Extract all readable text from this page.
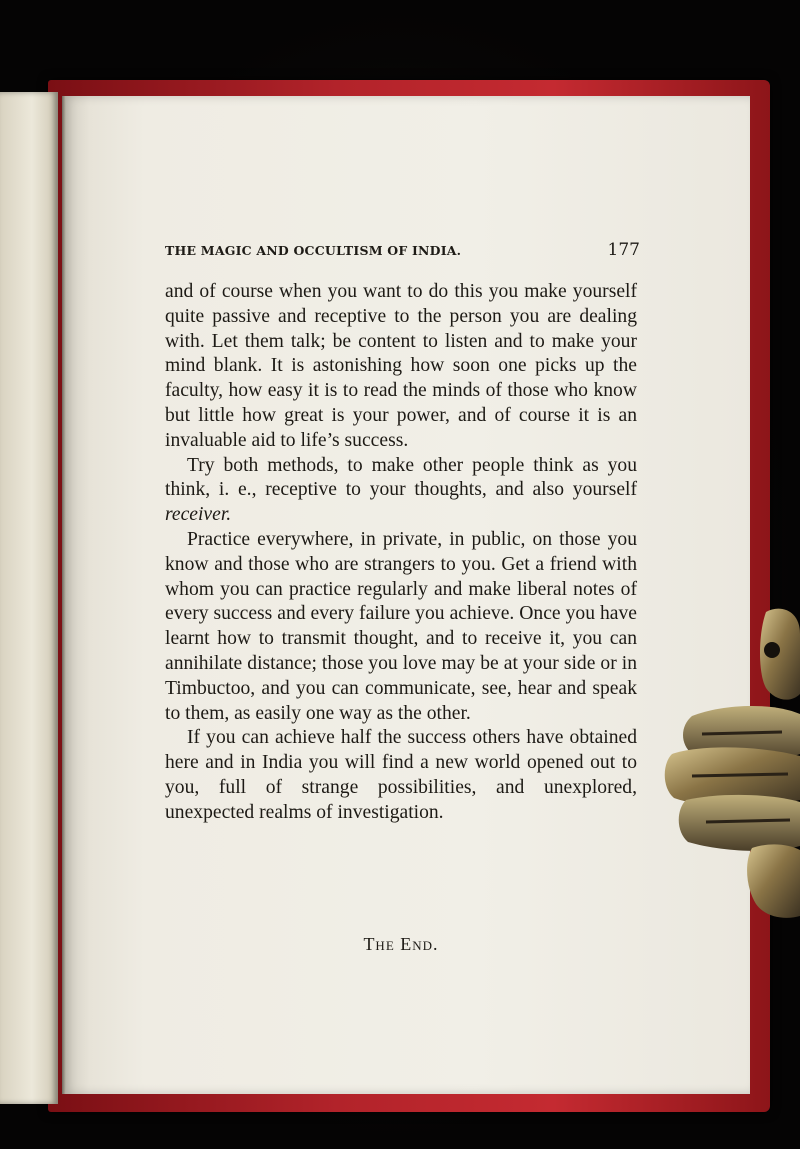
THE MAGIC AND OCCULTISM OF INDIA.	177

and of course when you want to do this you make yourself quite passive and receptive to the person you are dealing with. Let them talk; be content to listen and to make your mind blank. It is astonishing how soon one picks up the faculty, how easy it is to read the minds of those who know but little how great is your power, and of course it is an invaluable aid to life’s success.

Try both methods, to make other people think as you think, i. e., receptive to your thoughts, and also yourself receiver.

Practice everywhere, in private, in public, on those you know and those who are strangers to you. Get a friend with whom you can practice regularly and make liberal notes of every success and every failure you achieve. Once you have learnt how to transmit thought, and to receive it, you can annihilate distance; those you love may be at your side or in Timbuctoo, and you can communicate, see, hear and speak to them, as easily one way as the other.

If you can achieve half the success others have obtained here and in India you will find a new world opened out to you, full of strange possibilities, and unexplored, unexpected realms of investigation.

The End.
